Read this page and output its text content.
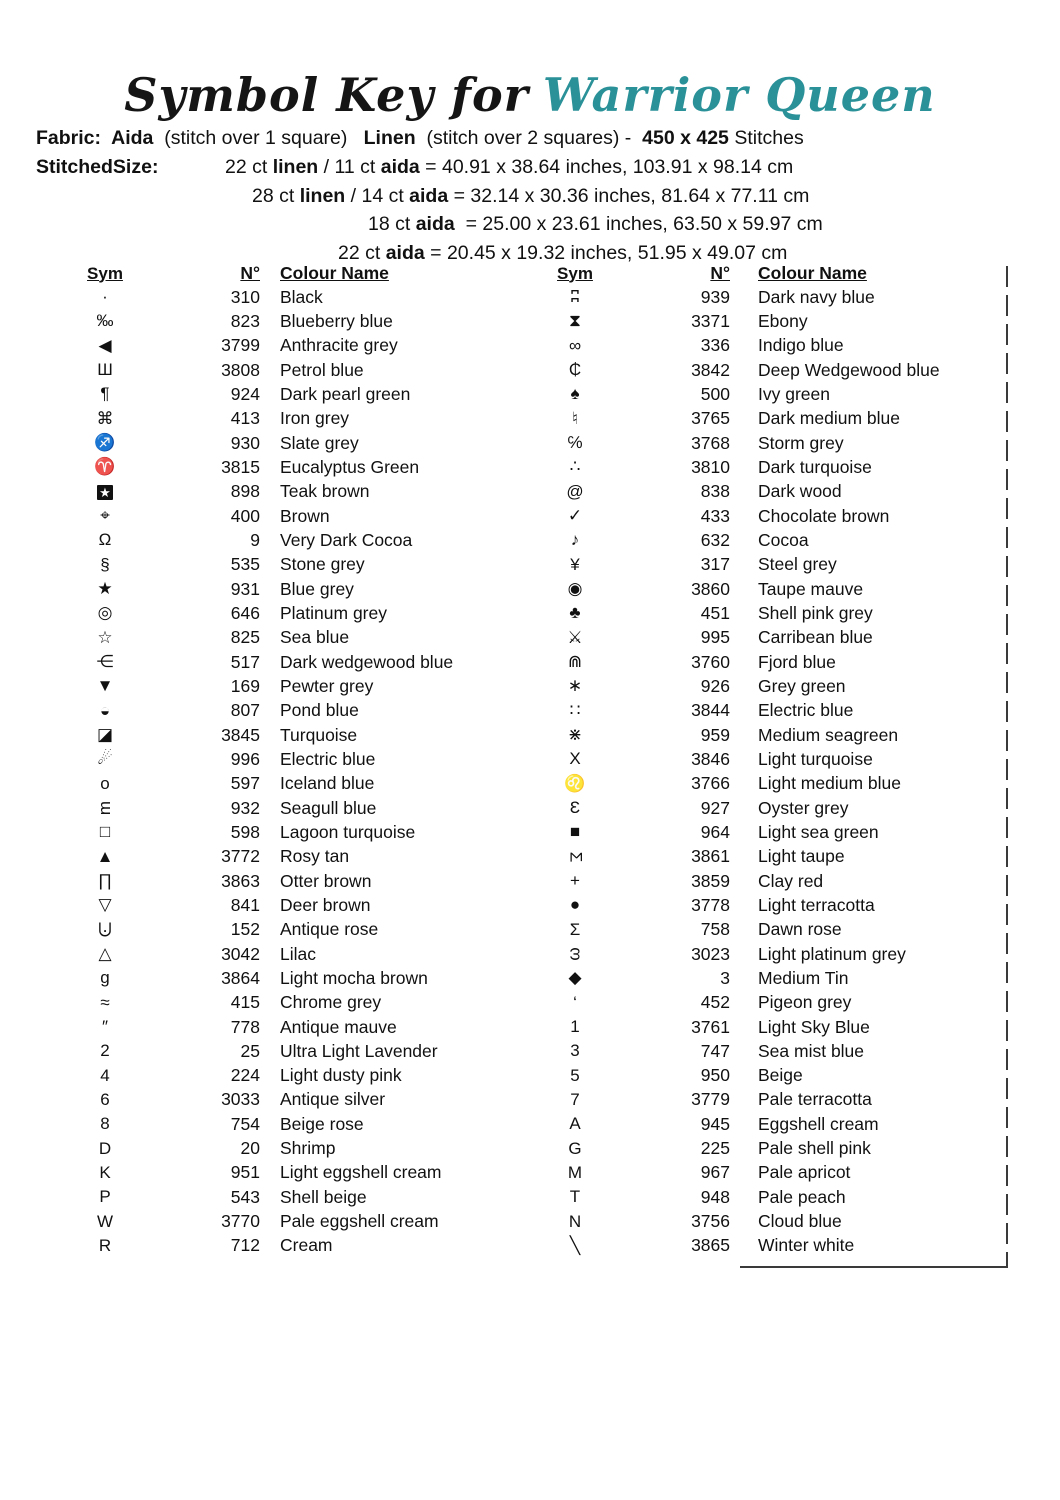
Symbol Key for Warrior Queen
Fabric:  Aida  (stitch over 1 square)   Linen  (stitch over 2 squares) -  450 x 425 Stitches
StitchedSize:	22 ct linen / 11 ct aida = 40.91 x 38.64 inches, 103.91 x 98.14 cm
28 ct linen / 14 ct aida = 32.14 x 30.36 inches, 81.64 x 77.11 cm
18 ct aida  = 25.00 x 23.61 inches, 63.50 x 59.97 cm
22 ct aida = 20.45 x 19.32 inches, 51.95 x 49.07 cm
Sym	N°	Colour Name
·	310	Black
‰	823	Blueberry blue
◀	3799	Anthracite grey
Ш	3808	Petrol blue
¶	924	Dark pearl green
⌘	413	Iron grey
♐	930	Slate grey
♈	3815	Eucalyptus Green
★	898	Teak brown
⌖	400	Brown
Ω	9	Very Dark Cocoa
§	535	Stone grey
★	931	Blue grey
◎	646	Platinum grey
☆	825	Sea blue
⋲	517	Dark wedgewood blue
▼	169	Pewter grey
◒	807	Pond blue
◪	3845	Turquoise
☄	996	Electric blue
o	597	Iceland blue
m	932	Seagull blue
□	598	Lagoon turquoise
▲	3772	Rosy tan
∏	3863	Otter brown
▽	841	Deer brown
⨃	152	Antique rose
△	3042	Lilac
g	3864	Light mocha brown
≈	415	Chrome grey
″	778	Antique mauve
2	25	Ultra Light Lavender
4	224	Light dusty pink
6	3033	Antique silver
8	754	Beige rose
D	20	Shrimp
K	951	Light eggshell cream
P	543	Shell beige
W	3770	Pale eggshell cream
R	712	Cream
Sym	N°	Colour Name
ʭ	939	Dark navy blue
⧗	3371	Ebony
∞	336	Indigo blue
₵	3842	Deep Wedgewood blue
♠	500	Ivy green
♮	3765	Dark medium blue
℅	3768	Storm grey
∴	3810	Dark turquoise
@	838	Dark wood
✓	433	Chocolate brown
♪	632	Cocoa
¥	317	Steel grey
◉	3860	Taupe mauve
♣	451	Shell pink grey
⚔	995	Carribean blue
⋒	3760	Fjord blue
∗	926	Grey green
∷	3844	Electric blue
⋇	959	Medium seagreen
X	3846	Light turquoise
♌	3766	Light medium blue
Ɛ	927	Oyster grey
■	964	Light sea green
Σ	3861	Light taupe
+	3859	Clay red
●	3778	Light terracotta
Σ	758	Dawn rose
ω	3023	Light platinum grey
◆	3	Medium Tin
‘	452	Pigeon grey
1	3761	Light Sky Blue
3	747	Sea mist blue
5	950	Beige
7	3779	Pale terracotta
A	945	Eggshell cream
G	225	Pale shell pink
M	967	Pale apricot
T	948	Pale peach
N	3756	Cloud blue
╲	3865	Winter white
